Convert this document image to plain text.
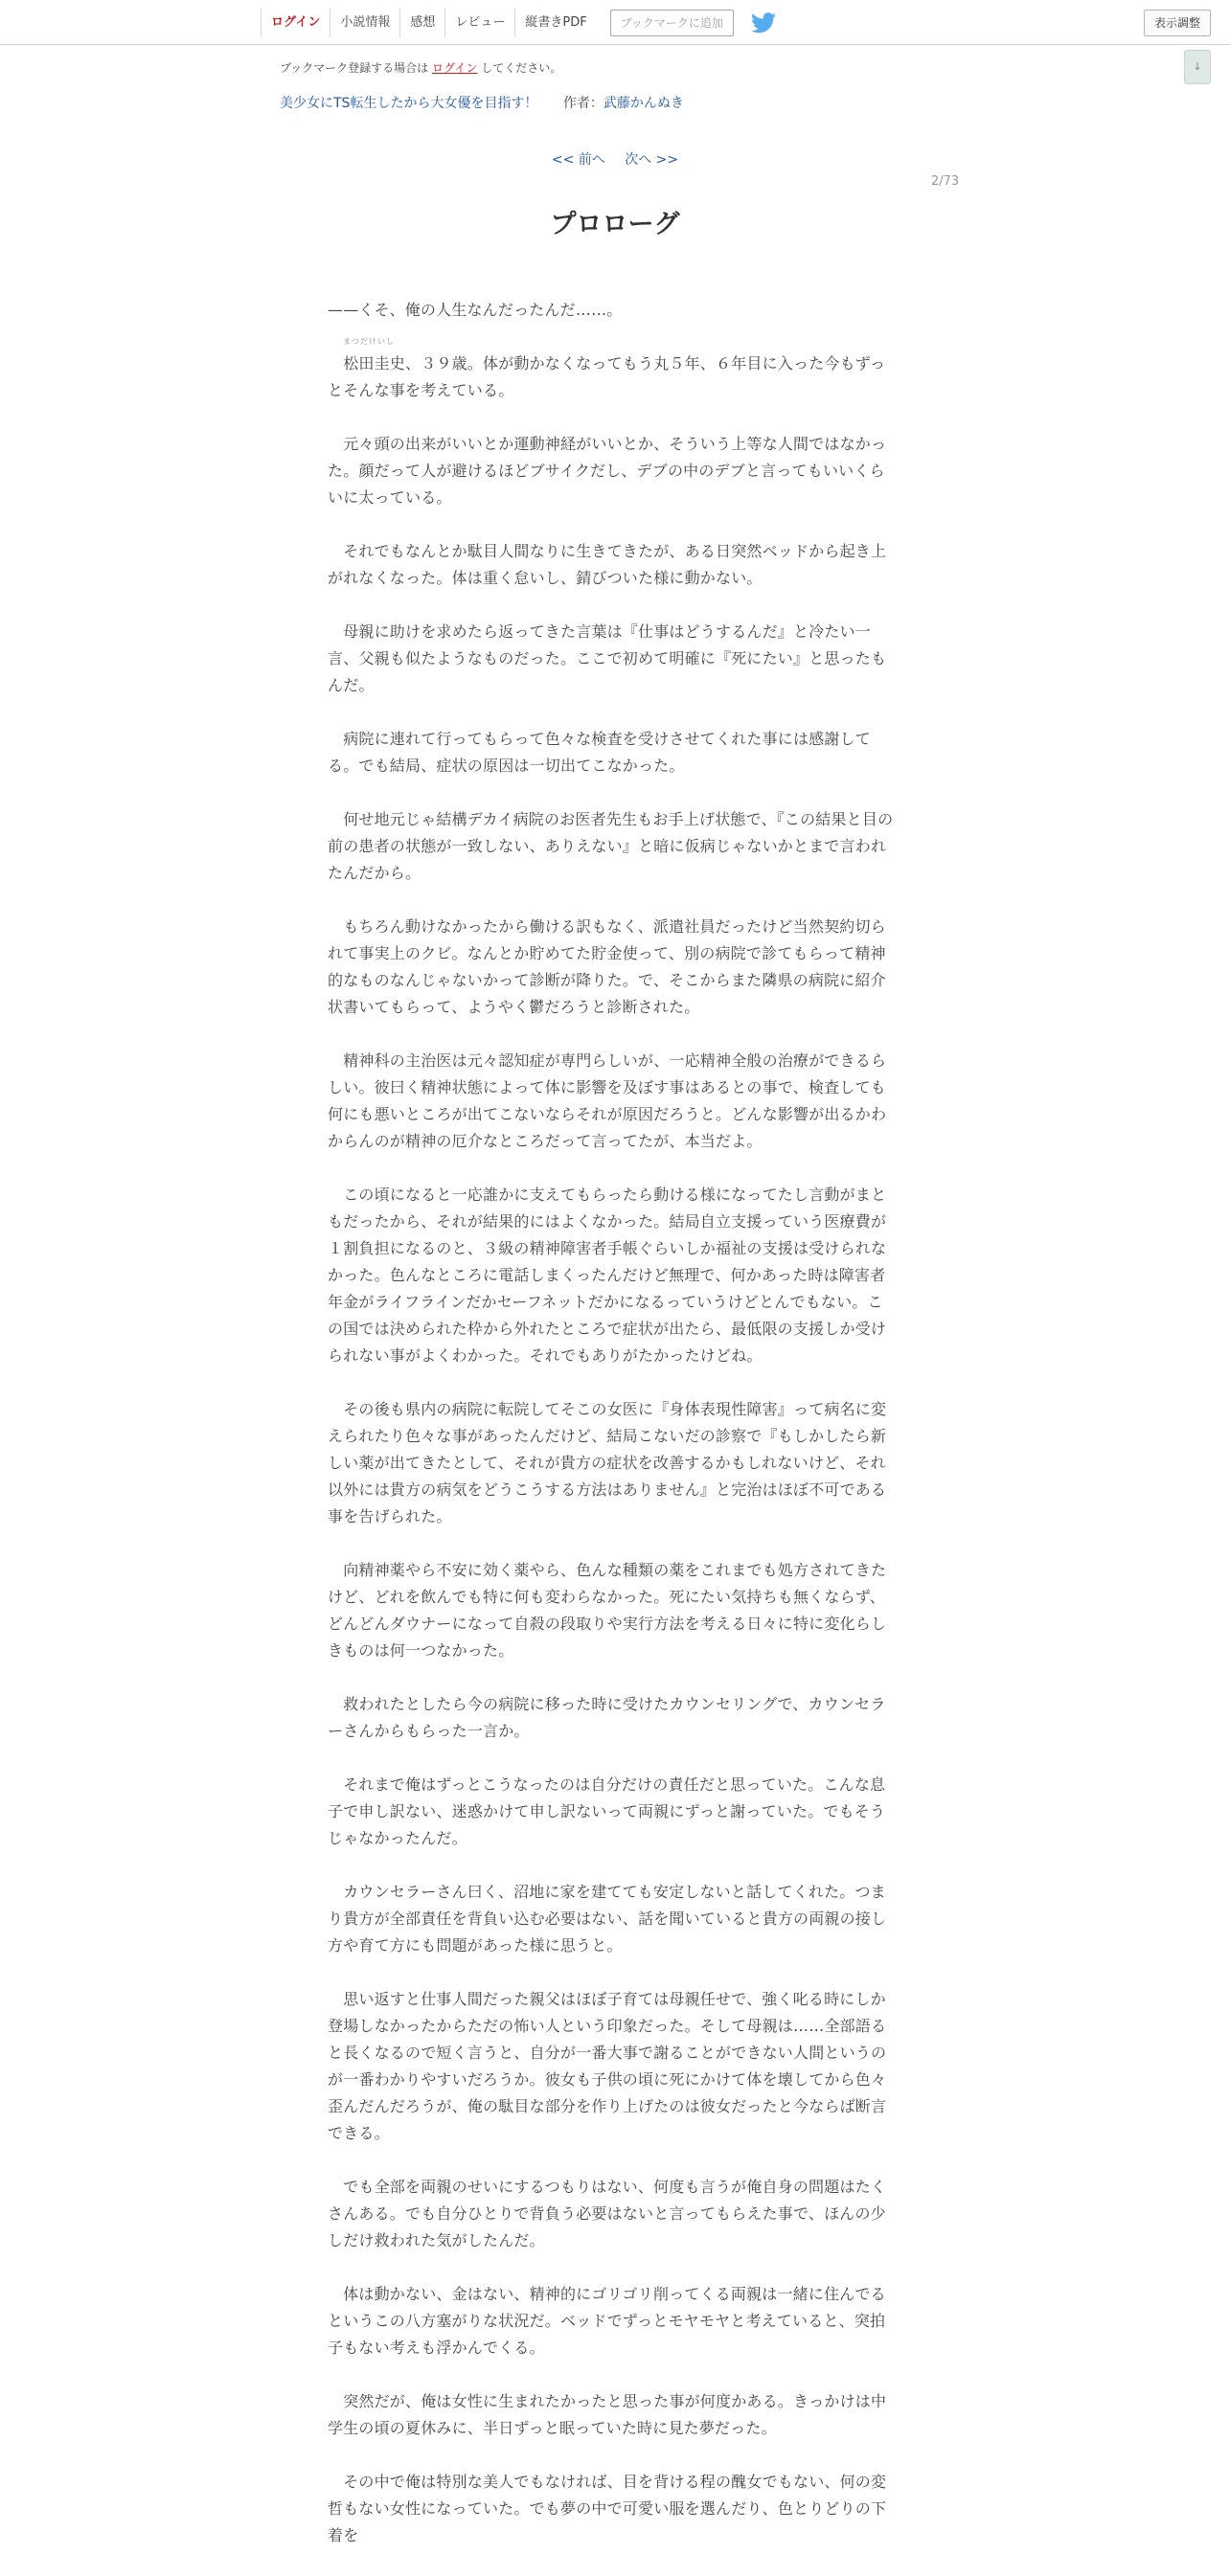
ログイン	小説情報	感想	レビュー	縦書きPDF	ブックマークに追加	表示調整
↓
ブックマーク登録する場合は ログイン してください。
美少女にTS転生したから大女優を目指す！ 作者：武藤かんぬき
<< 前へ 次へ >>
2/73
プロローグ

——くそ、俺の人生なんだったんだ……。

まつだけいし

　松田圭史、３９歳。体が動かなくなってもう丸５年、６年目に入った今もずっとそんな事を考えている。

　元々頭の出来がいいとか運動神経がいいとか、そういう上等な人間ではなかった。顔だって人が避けるほどブサイクだし、デブの中のデブと言ってもいいくらいに太っている。

　それでもなんとか駄目人間なりに生きてきたが、ある日突然ベッドから起き上がれなくなった。体は重く怠いし、錆びついた様に動かない。

　母親に助けを求めたら返ってきた言葉は『仕事はどうするんだ』と冷たい一言、父親も似たようなものだった。ここで初めて明確に『死にたい』と思ったもんだ。

　病院に連れて行ってもらって色々な検査を受けさせてくれた事には感謝してる。でも結局、症状の原因は一切出てこなかった。

　何せ地元じゃ結構デカイ病院のお医者先生もお手上げ状態で、『この結果と目の前の患者の状態が一致しない、ありえない』と暗に仮病じゃないかとまで言われたんだから。

　もちろん動けなかったから働ける訳もなく、派遣社員だったけど当然契約切られて事実上のクビ。なんとか貯めてた貯金使って、別の病院で診てもらって精神的なものなんじゃないかって診断が降りた。で、そこからまた隣県の病院に紹介状書いてもらって、ようやく鬱だろうと診断された。

　精神科の主治医は元々認知症が専門らしいが、一応精神全般の治療ができるらしい。彼曰く精神状態によって体に影響を及ぼす事はあるとの事で、検査しても何にも悪いところが出てこないならそれが原因だろうと。どんな影響が出るかわからんのが精神の厄介なところだって言ってたが、本当だよ。

　この頃になると一応誰かに支えてもらったら動ける様になってたし言動がまともだったから、それが結果的にはよくなかった。結局自立支援っていう医療費が１割負担になるのと、３級の精神障害者手帳ぐらいしか福祉の支援は受けられなかった。色んなところに電話しまくったんだけど無理で、何かあった時は障害者年金がライフラインだかセーフネットだかになるっていうけどとんでもない。この国では決められた枠から外れたところで症状が出たら、最低限の支援しか受けられない事がよくわかった。それでもありがたかったけどね。

　その後も県内の病院に転院してそこの女医に『身体表現性障害』って病名に変えられたり色々な事があったんだけど、結局こないだの診察で『もしかしたら新しい薬が出てきたとして、それが貴方の症状を改善するかもしれないけど、それ以外には貴方の病気をどうこうする方法はありません』と完治はほぼ不可である事を告げられた。

　向精神薬やら不安に効く薬やら、色んな種類の薬をこれまでも処方されてきたけど、どれを飲んでも特に何も変わらなかった。死にたい気持ちも無くならず、どんどんダウナーになって自殺の段取りや実行方法を考える日々に特に変化らしきものは何一つなかった。

　救われたとしたら今の病院に移った時に受けたカウンセリングで、カウンセラーさんからもらった一言か。

　それまで俺はずっとこうなったのは自分だけの責任だと思っていた。こんな息子で申し訳ない、迷惑かけて申し訳ないって両親にずっと謝っていた。でもそうじゃなかったんだ。

　カウンセラーさん曰く、沼地に家を建てても安定しないと話してくれた。つまり貴方が全部責任を背負い込む必要はない、話を聞いていると貴方の両親の接し方や育て方にも問題があった様に思うと。

　思い返すと仕事人間だった親父はほぼ子育ては母親任せで、強く叱る時にしか登場しなかったからただの怖い人という印象だった。そして母親は……全部語ると長くなるので短く言うと、自分が一番大事で謝ることができない人間というのが一番わかりやすいだろうか。彼女も子供の頃に死にかけて体を壊してから色々歪んだんだろうが、俺の駄目な部分を作り上げたのは彼女だったと今ならば断言できる。

　でも全部を両親のせいにするつもりはない、何度も言うが俺自身の問題はたくさんある。でも自分ひとりで背負う必要はないと言ってもらえた事で、ほんの少しだけ救われた気がしたんだ。

　体は動かない、金はない、精神的にゴリゴリ削ってくる両親は一緒に住んでるというこの八方塞がりな状況だ。ベッドでずっとモヤモヤと考えていると、突拍子もない考えも浮かんでくる。

　突然だが、俺は女性に生まれたかったと思った事が何度かある。きっかけは中学生の頃の夏休みに、半日ずっと眠っていた時に見た夢だった。

　その中で俺は特別な美人でもなければ、目を背ける程の醜女でもない、何の変哲もない女性になっていた。でも夢の中で可愛い服を選んだり、色とりどりの下着を
